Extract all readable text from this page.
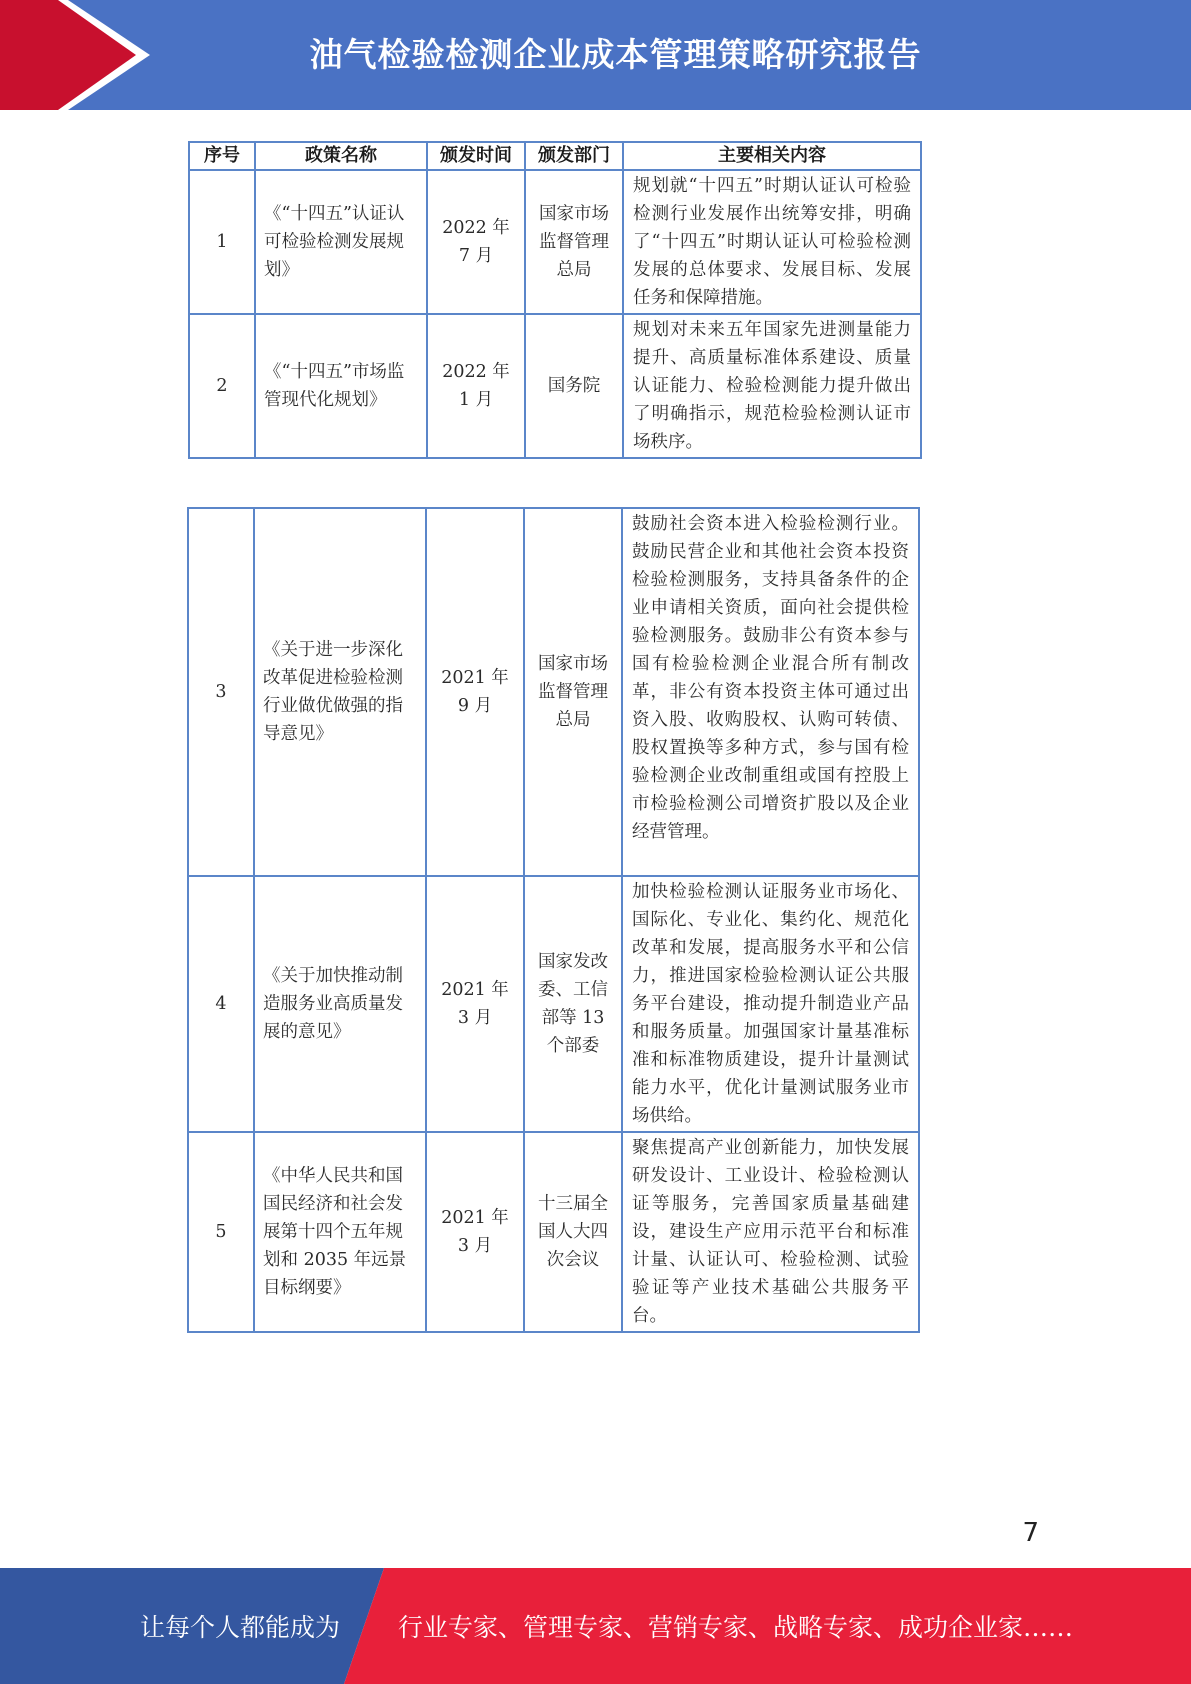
油气检验检测企业成本管理策略研究报告
序号	政策名称	颁发时间	颁发部门	主要相关内容
1	《“十四五”认证认可检验检测发展规划》	2022 年 7 月	国家市场监督管理总局	规划就“十四五”时期认证认可检验检测行业发展作出统筹安排，明确了“十四五”时期认证认可检验检测发展的总体要求、发展目标、发展任务和保障措施。
2	《“十四五”市场监管现代化规划》	2022 年 1 月	国务院	规划对未来五年国家先进测量能力提升、高质量标准体系建设、质量认证能力、检验检测能力提升做出了明确指示，规范检验检测认证市场秩序。
3	《关于进一步深化改革促进检验检测行业做优做强的指导意见》	2021 年 9 月	国家市场监督管理总局	鼓励社会资本进入检验检测行业。鼓励民营企业和其他社会资本投资检验检测服务，支持具备条件的企业申请相关资质，面向社会提供检验检测服务。鼓励非公有资本参与国有检验检测企业混合所有制改革，非公有资本投资主体可通过出资入股、收购股权、认购可转债、股权置换等多种方式，参与国有检验检测企业改制重组或国有控股上市检验检测公司增资扩股以及企业经营管理。
4	《关于加快推动制造服务业高质量发展的意见》	2021 年 3 月	国家发改委、工信部等 13 个部委	加快检验检测认证服务业市场化、国际化、专业化、集约化、规范化改革和发展，提高服务水平和公信力，推进国家检验检测认证公共服务平台建设，推动提升制造业产品和服务质量。加强国家计量基准标准和标准物质建设，提升计量测试能力水平，优化计量测试服务业市场供给。
5	《中华人民共和国国民经济和社会发展第十四个五年规划和 2035 年远景目标纲要》	2021 年 3 月	十三届全国人大四次会议	聚焦提高产业创新能力，加快发展研发设计、工业设计、检验检测认证等服务，完善国家质量基础建设，建设生产应用示范平台和标准计量、认证认可、检验检测、试验验证等产业技术基础公共服务平台。
7
让每个人都能成为 行业专家、管理专家、营销专家、战略专家、成功企业家……
